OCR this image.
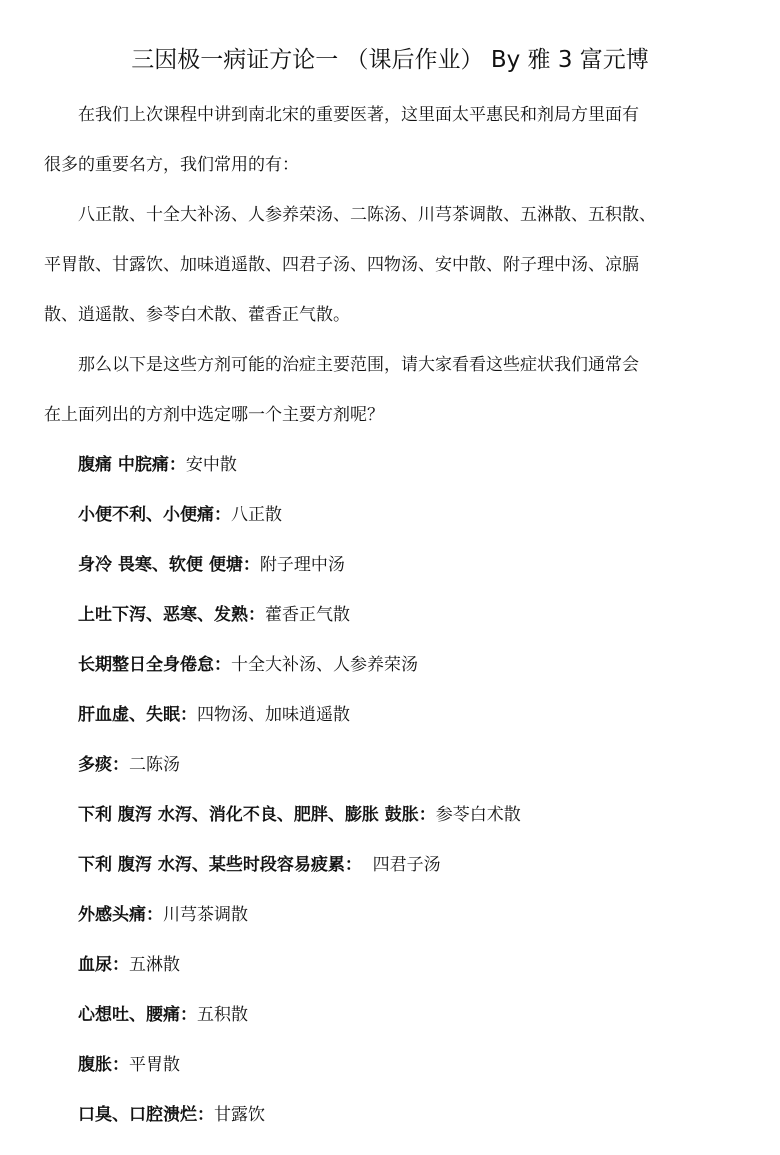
三因极一病证方论一 （课后作业） By 雅 3 富元博
在我们上次课程中讲到南北宋的重要医著，这里面太平惠民和剂局方里面有
很多的重要名方，我们常用的有：
八正散、十全大补汤、人参养荣汤、二陈汤、川芎茶调散、五淋散、五积散、
平胃散、甘露饮、加味逍遥散、四君子汤、四物汤、安中散、附子理中汤、凉膈
散、逍遥散、参苓白术散、藿香正气散。
那么以下是这些方剂可能的治症主要范围，请大家看看这些症状我们通常会
在上面列出的方剂中选定哪一个主要方剂呢？
腹痛 中脘痛：安中散
小便不利、小便痛：八正散
身冷 畏寒、软便 便塘：附子理中汤
上吐下泻、恶寒、发熟：藿香正气散
长期整日全身倦怠：十全大补汤、人参养荣汤
肝血虚、失眠：四物汤、加味逍遥散
多痰：二陈汤
下利 腹泻 水泻、消化不良、肥胖、膨胀 鼓胀：参苓白术散
下利 腹泻 水泻、某些时段容易疲累：  四君子汤
外感头痛：川芎茶调散
血尿：五淋散
心想吐、腰痛：五积散
腹胀：平胃散
口臭、口腔溃烂：甘露饮
